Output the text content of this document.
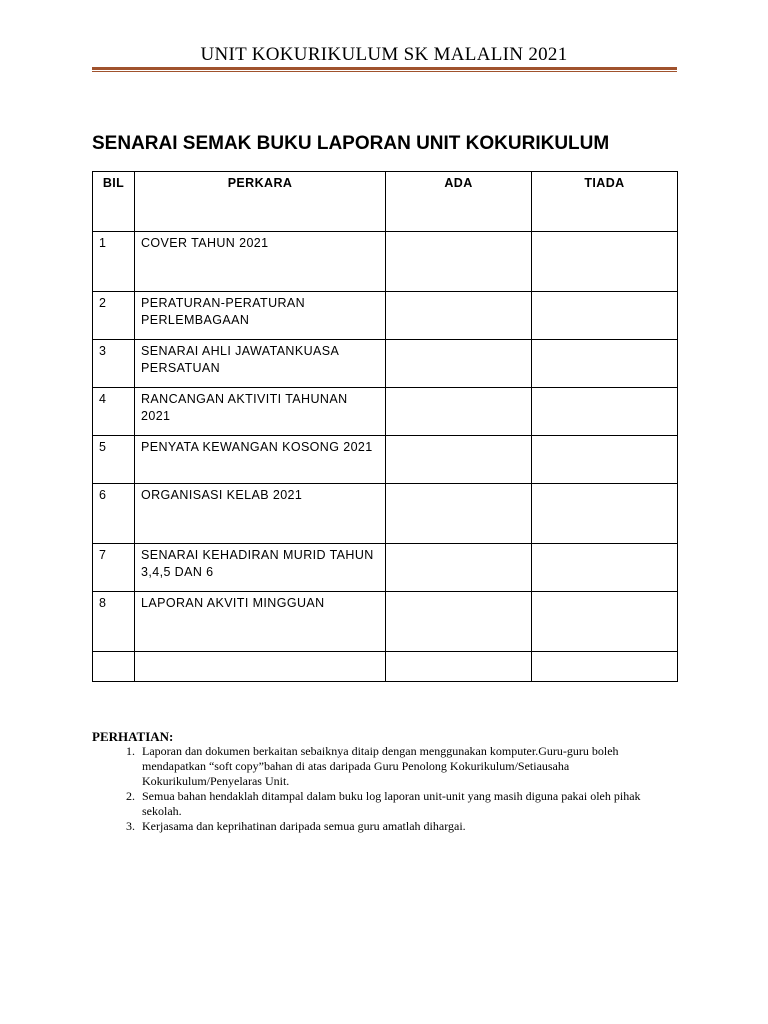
UNIT KOKURIKULUM SK MALALIN 2021
SENARAI SEMAK BUKU LAPORAN UNIT KOKURIKULUM
BIL	PERKARA	ADA	TIADA
1	COVER TAHUN 2021		
2	PERATURAN-PERATURAN PERLEMBAGAAN		
3	SENARAI AHLI JAWATANKUASA PERSATUAN		
4	RANCANGAN AKTIVITI TAHUNAN 2021		
5	PENYATA KEWANGAN KOSONG 2021		
6	ORGANISASI KELAB 2021		
7	SENARAI KEHADIRAN MURID TAHUN 3,4,5 DAN 6		
8	LAPORAN AKVITI MINGGUAN		

PERHATIAN:
1. Laporan dan dokumen berkaitan sebaiknya ditaip dengan menggunakan komputer.Guru-guru boleh mendapatkan “soft copy”bahan di atas daripada Guru Penolong Kokurikulum/Setiausaha Kokurikulum/Penyelaras Unit.
2. Semua bahan hendaklah ditampal dalam buku log laporan unit-unit yang masih diguna pakai oleh pihak sekolah.
3. Kerjasama dan keprihatinan daripada semua guru amatlah dihargai.
